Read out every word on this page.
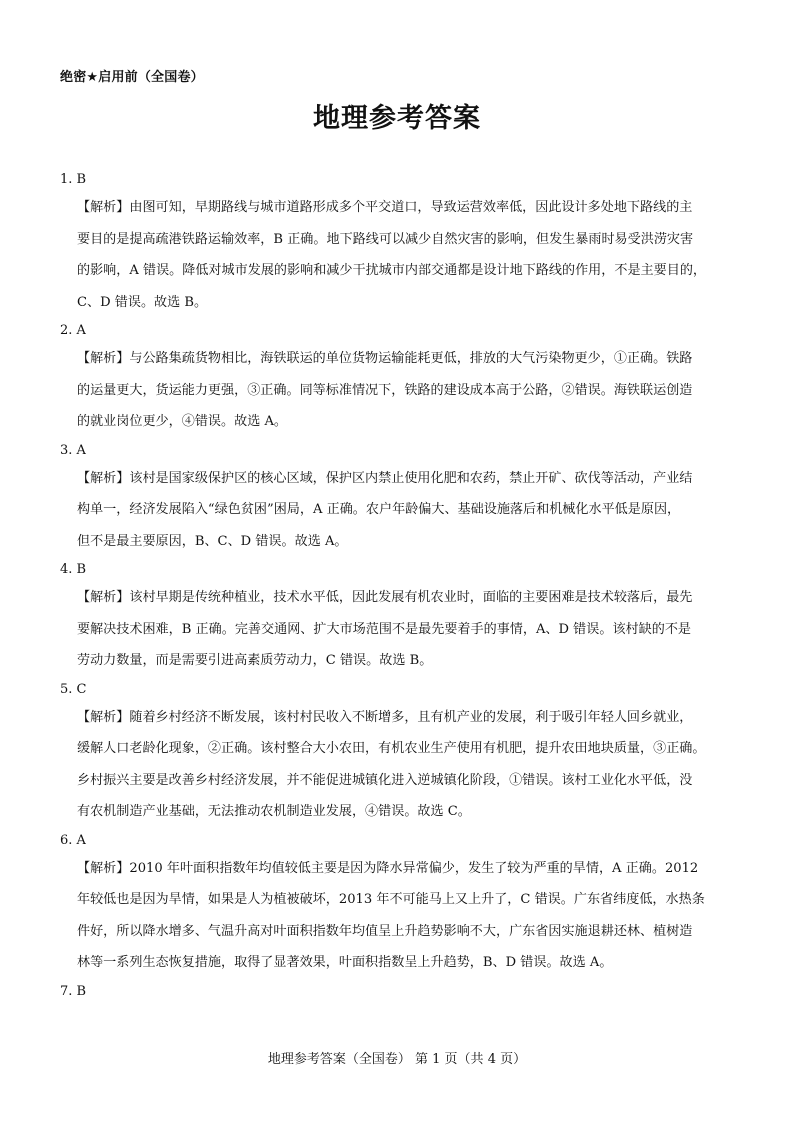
绝密★启用前（全国卷）
地理参考答案
1. B
【解析】由图可知，早期路线与城市道路形成多个平交道口，导致运营效率低，因此设计多处地下路线的主
要目的是提高疏港铁路运输效率，B 正确。地下路线可以减少自然灾害的影响，但发生暴雨时易受洪涝灾害
的影响，A 错误。降低对城市发展的影响和减少干扰城市内部交通都是设计地下路线的作用，不是主要目的，
C、D 错误。故选 B。
2. A
【解析】与公路集疏货物相比，海铁联运的单位货物运输能耗更低，排放的大气污染物更少，①正确。铁路
的运量更大，货运能力更强，③正确。同等标准情况下，铁路的建设成本高于公路，②错误。海铁联运创造
的就业岗位更少，④错误。故选 A。
3. A
【解析】该村是国家级保护区的核心区域，保护区内禁止使用化肥和农药，禁止开矿、砍伐等活动，产业结
构单一，经济发展陷入“绿色贫困”困局，A 正确。农户年龄偏大、基础设施落后和机械化水平低是原因，
但不是最主要原因，B、C、D 错误。故选 A。
4. B
【解析】该村早期是传统种植业，技术水平低，因此发展有机农业时，面临的主要困难是技术较落后，最先
要解决技术困难，B 正确。完善交通网、扩大市场范围不是最先要着手的事情，A、D 错误。该村缺的不是
劳动力数量，而是需要引进高素质劳动力，C 错误。故选 B。
5. C
【解析】随着乡村经济不断发展，该村村民收入不断增多，且有机产业的发展，利于吸引年轻人回乡就业，
缓解人口老龄化现象，②正确。该村整合大小农田，有机农业生产使用有机肥，提升农田地块质量，③正确。
乡村振兴主要是改善乡村经济发展，并不能促进城镇化进入逆城镇化阶段，①错误。该村工业化水平低，没
有农机制造产业基础，无法推动农机制造业发展，④错误。故选 C。
6. A
【解析】2010 年叶面积指数年均值较低主要是因为降水异常偏少，发生了较为严重的旱情，A 正确。2012
年较低也是因为旱情，如果是人为植被破坏，2013 年不可能马上又上升了，C 错误。广东省纬度低，水热条
件好，所以降水增多、气温升高对叶面积指数年均值呈上升趋势影响不大，广东省因实施退耕还林、植树造
林等一系列生态恢复措施，取得了显著效果，叶面积指数呈上升趋势，B、D 错误。故选 A。
7. B
地理参考答案（全国卷） 第 1 页（共 4 页）
